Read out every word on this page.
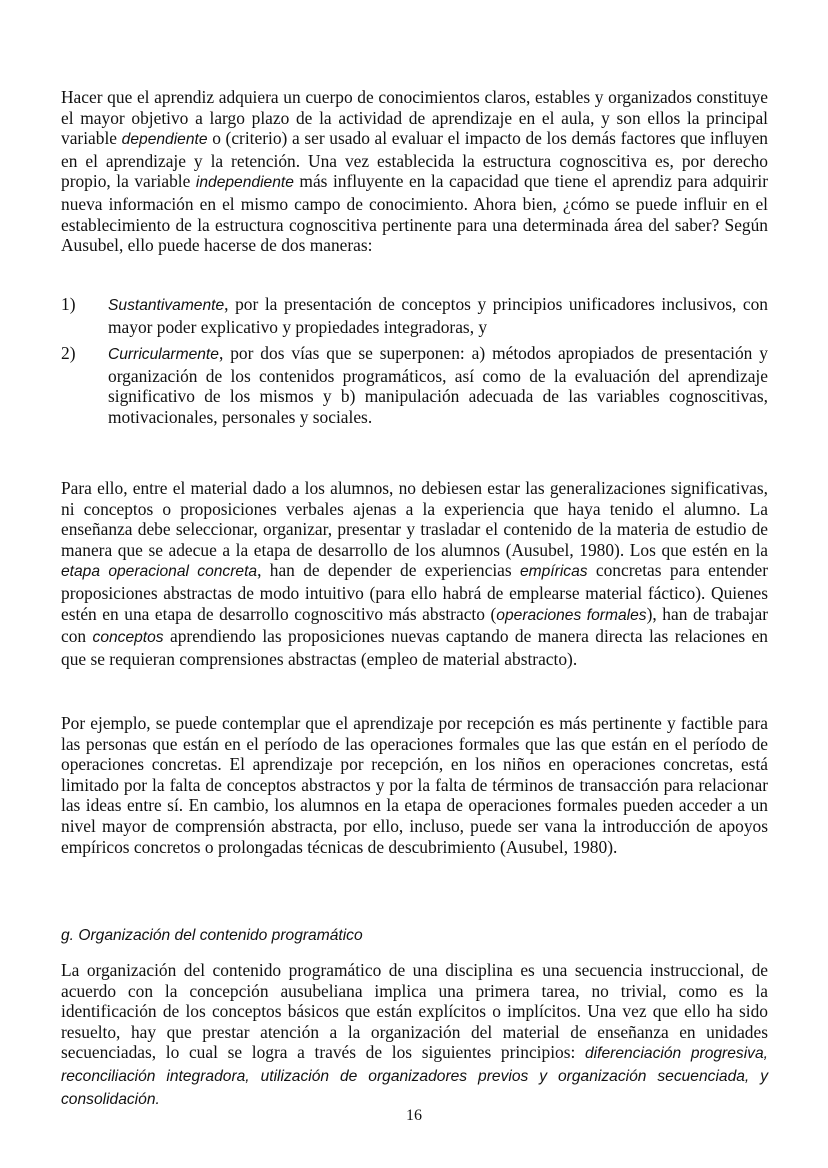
Hacer que el aprendiz adquiera un cuerpo de conocimientos claros, estables y organizados constituye el mayor objetivo a largo plazo de la actividad de aprendizaje en el aula, y son ellos la principal variable dependiente o (criterio) a ser usado al evaluar el impacto de los demás factores que influyen en el aprendizaje y la retención. Una vez establecida la estructura cognoscitiva es, por derecho propio, la variable independiente más influyente en la capacidad que tiene el aprendiz para adquirir nueva información en el mismo campo de conocimiento. Ahora bien, ¿cómo se puede influir en el establecimiento de la estructura cognoscitiva pertinente para una determinada área del saber? Según Ausubel, ello puede hacerse de dos maneras:
1) Sustantivamente, por la presentación de conceptos y principios unificadores inclusivos, con mayor poder explicativo y propiedades integradoras, y
2) Curricularmente, por dos vías que se superponen: a) métodos apropiados de presentación y organización de los contenidos programáticos, así como de la evaluación del aprendizaje significativo de los mismos y b) manipulación adecuada de las variables cognoscitivas, motivacionales, personales y sociales.
Para ello, entre el material dado a los alumnos, no debiesen estar las generalizaciones significativas, ni conceptos o proposiciones verbales ajenas a la experiencia que haya tenido el alumno. La enseñanza debe seleccionar, organizar, presentar y trasladar el contenido de la materia de estudio de manera que se adecue a la etapa de desarrollo de los alumnos (Ausubel, 1980). Los que estén en la etapa operacional concreta, han de depender de experiencias empíricas concretas para entender proposiciones abstractas de modo intuitivo (para ello habrá de emplearse material fáctico). Quienes estén en una etapa de desarrollo cognoscitivo más abstracto (operaciones formales), han de trabajar con conceptos aprendiendo las proposiciones nuevas captando de manera directa las relaciones en que se requieran comprensiones abstractas (empleo de material abstracto).
Por ejemplo, se puede contemplar que el aprendizaje por recepción es más pertinente y factible para las personas que están en el período de las operaciones formales que las que están en el período de operaciones concretas. El aprendizaje por recepción, en los niños en operaciones concretas, está limitado por la falta de conceptos abstractos y por la falta de términos de transacción para relacionar las ideas entre sí. En cambio, los alumnos en la etapa de operaciones formales pueden acceder a un nivel mayor de comprensión abstracta, por ello, incluso, puede ser vana la introducción de apoyos empíricos concretos o prolongadas técnicas de descubrimiento (Ausubel, 1980).
g. Organización del contenido programático
La organización del contenido programático de una disciplina es una secuencia instruccional, de acuerdo con la concepción ausubeliana implica una primera tarea, no trivial, como es la identificación de los conceptos básicos que están explícitos o implícitos. Una vez que ello ha sido resuelto, hay que prestar atención a la organización del material de enseñanza en unidades secuenciadas, lo cual se logra a través de los siguientes principios: diferenciación progresiva, reconciliación integradora, utilización de organizadores previos y organización secuenciada, y consolidación.
16
